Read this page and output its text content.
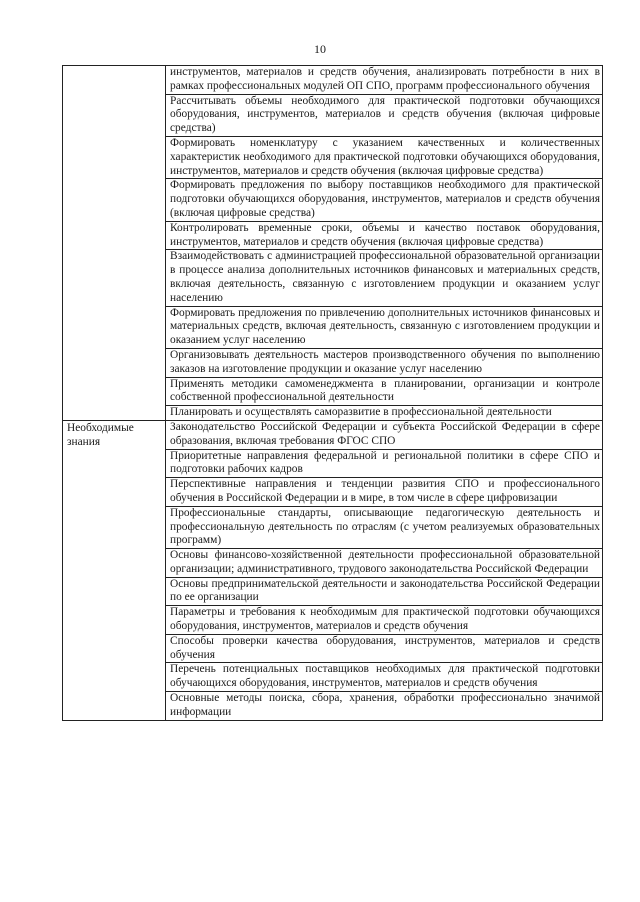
10

	инструментов, материалов и средств обучения, анализировать потребности в них в рамках профессиональных модулей ОП СПО, программ профессионального обучения

	Рассчитывать объемы необходимого для практической подготовки обучающихся оборудования, инструментов, материалов и средств обучения (включая цифровые средства)

	Формировать номенклатуру с указанием качественных и количественных характеристик необходимого для практической подготовки обучающихся оборудования, инструментов, материалов и средств обучения (включая цифровые средства)

	Формировать предложения по выбору поставщиков необходимого для практической подготовки обучающихся оборудования, инструментов, материалов и средств обучения (включая цифровые средства)

	Контролировать временные сроки, объемы и качество поставок оборудования, инструментов, материалов и средств обучения (включая цифровые средства)

	Взаимодействовать с администрацией профессиональной образовательной организации в процессе анализа дополнительных источников финансовых и материальных средств, включая деятельность, связанную с изготовлением продукции и оказанием услуг населению

	Формировать предложения по привлечению дополнительных источников финансовых и материальных средств, включая деятельность, связанную с изготовлением продукции и оказанием услуг населению

	Организовывать деятельность мастеров производственного обучения по выполнению заказов на изготовление продукции и оказание услуг населению

	Применять методики самоменеджмента в планировании, организации и контроле собственной профессиональной деятельности

	Планировать и осуществлять саморазвитие в профессиональной деятельности

Необходимые знания	Законодательство Российской Федерации и субъекта Российской Федерации в сфере образования, включая требования ФГОС СПО

	Приоритетные направления федеральной и региональной политики в сфере СПО и подготовки рабочих кадров

	Перспективные направления и тенденции развития СПО и профессионального обучения в Российской Федерации и в мире, в том числе в сфере цифровизации

	Профессиональные стандарты, описывающие педагогическую деятельность и профессиональную деятельность по отраслям (с учетом реализуемых образовательных программ)

	Основы финансово-хозяйственной деятельности профессиональной образовательной организации; административного, трудового законодательства Российской Федерации

	Основы предпринимательской деятельности и законодательства Российской Федерации по ее организации

	Параметры и требования к необходимым для практической подготовки обучающихся оборудования, инструментов, материалов и средств обучения

	Способы проверки качества оборудования, инструментов, материалов и средств обучения

	Перечень потенциальных поставщиков необходимых для практической подготовки обучающихся оборудования, инструментов, материалов и средств обучения

	Основные методы поиска, сбора, хранения, обработки профессионально значимой информации
